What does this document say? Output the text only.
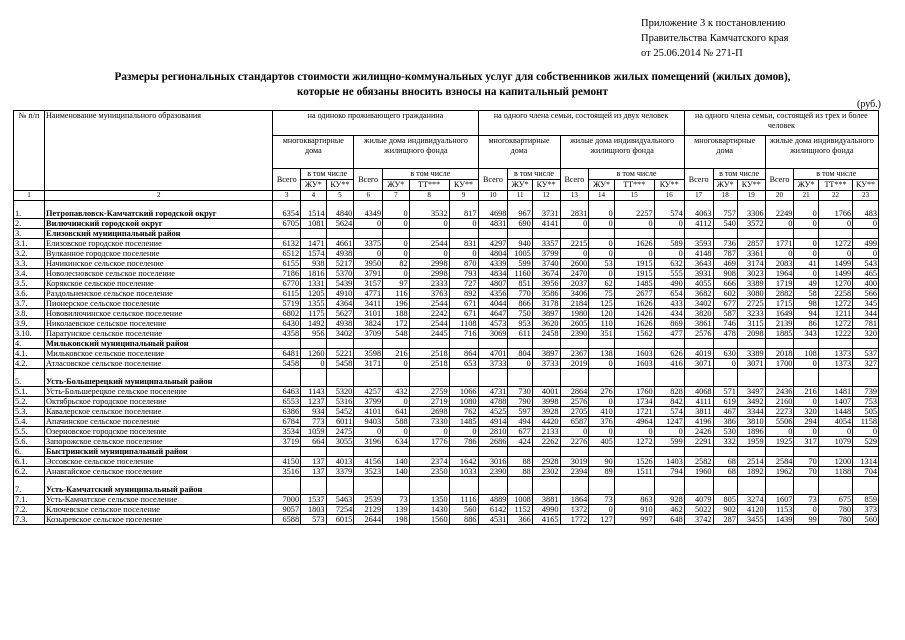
Приложение 3 к постановлению
Правительства Камчатского края
от 25.06.2014 № 271-П
Размеры региональных стандартов стоимости жилищно-коммунальных услуг для собственников жилых помещений (жилых домов),
которые не обязаны вносить взносы на капитальный ремонт
(руб.)
№ п/п	Наименование муниципального образования	на одиноко проживающего гражданина							на одного члена семьи, состоящей из двух человек							на одного члена семьи, состоящей из трех и более человек						
		многоквартирные дома			жилые дома индивидуального жилищного фонда				многоквартирные дома			жилые дома индивидуального жилищного фонда				многоквартирные дома			жилые дома индивидуального жилищного фонда			
		Всего	в том числе		Всего	в том числе			Всего	в том числе		Всего	в том числе			Всего	в том числе		Всего	в том числе		
			ЖУ*	КУ**		ЖУ*	ТТ***	КУ**		ЖУ*	КУ**		ЖУ*	ТТ***	КУ**		ЖУ*	КУ**		ЖУ*	ТТ***	КУ**
1	2	3	4	5	6	7	8	9	10	11	12	13	14	15	16	17	18	19	20	21	22	23
1.	Петропавловск-Камчатский городской округ	6354	1514	4840	4349	0	3532	817	4698	967	3731	2831	0	2257	574	4063	757	3306	2249	0	1766	483
2.	Вилючинский городской округ	6705	1081	5624	0	0	0	0	4831	690	4141	0	0	0	0	4112	540	3572	0	0	0	0
3.	Елизовский муниципальный район																					
3.1.	Елизовское городское поселение	6132	1471	4661	3375	0	2544	831	4297	940	3357	2215	0	1626	589	3593	736	2857	1771	0	1272	499
3.2.	Вулканное городское поселение	6512	1574	4938	0	0	0	0	4804	1005	3799	0	0	0	0	4148	787	3361	0	0	0	0
3.3.	Начикинское сельское поселение	6155	938	5217	3950	82	2998	870	4339	599	3740	2600	53	1915	632	3643	469	3174	2083	41	1499	543
3.4.	Новолесновское сельское поселение	7186	1816	5370	3791	0	2998	793	4834	1160	3674	2470	0	1915	555	3931	908	3023	1964	0	1499	465
3.5.	Корякское сельское поселение	6770	1331	5439	3157	97	2333	727	4807	851	3956	2037	62	1485	490	4055	666	3389	1719	49	1270	400
3.6.	Раздольненское сельское поселение	6115	1205	4910	4771	116	3763	892	4356	770	3586	3406	75	2677	654	3682	602	3080	2882	58	2258	566
3.7.	Пионерское сельское поселение	5719	1355	4364	3411	196	2544	671	4044	866	3178	2184	125	1626	433	3402	677	2725	1715	98	1272	345
3.8.	Нововилючинское сельское поселение	6802	1175	5627	3101	188	2242	671	4647	750	3897	1980	120	1426	434	3820	587	3233	1649	94	1211	344
3.9.	Николаевское сельское поселение	6430	1492	4938	3824	172	2544	1108	4573	953	3620	2605	110	1626	869	3861	746	3115	2139	86	1272	781
3.10.	Паратунское сельское поселение	4358	956	3402	3709	548	2445	716	3069	611	2458	2390	351	1562	477	2576	478	2098	1885	343	1222	320
4.	Мильковский муниципальный район																					
4.1.	Мильковское сельское поселение	6481	1260	5221	3598	216	2518	864	4701	804	3897	2367	138	1603	626	4019	630	3389	2018	108	1373	537
4.2.	Атласовское сельское поселение	5458	0	5458	3171	0	2518	653	3733	0	3733	2019	0	1603	416	3071	0	3071	1700	0	1373	327
5.	Усть-Большерецкий муниципальный район																					
5.1.	Усть-Большерецкое сельское поселение	6463	1143	5320	4257	432	2759	1066	4731	730	4001	2864	276	1760	828	4068	571	3497	2436	216	1481	739
5.2.	Октябрьское городское поселение	6553	1237	5316	3799	0	2719	1080	4788	790	3998	2576	0	1734	842	4111	619	3492	2160	0	1407	753
5.3.	Кавалерское сельское поселение	6386	934	5452	4101	641	2698	762	4525	597	3928	2705	410	1721	574	3811	467	3344	2273	320	1448	505
5.4.	Апачинское сельское поселение	6784	773	6011	9403	588	7330	1485	4914	494	4420	6587	376	4964	1247	4196	386	3810	5506	294	4054	1158
5.5.	Озерновское городское поселение	3534	1059	2475	0	0	0	0	2810	677	2133	0	0	0	0	2426	530	1896	0	0	0	0
5.6.	Запорожское сельское поселение	3719	664	3055	3196	634	1776	786	2686	424	2262	2276	405	1272	599	2291	332	1959	1925	317	1079	529
6.	Быстринский муниципальный район																					
6.1.	Эссовское сельское поселение	4150	137	4013	4156	140	2374	1642	3016	88	2928	3019	90	1526	1403	2582	68	2514	2584	70	1200	1314
6.2.	Анавгайское сельское поселение	3516	137	3379	3523	140	2350	1033	2390	88	2302	2394	89	1511	794	1960	68	1892	1962	70	1188	704
7.	Усть-Камчатский муниципальный район																					
7.1.	Усть-Камчатское сельское поселение	7000	1537	5463	2539	73	1350	1116	4889	1008	3881	1864	73	863	928	4079	805	3274	1607	73	675	859
7.2.	Ключевское сельское поселение	9057	1803	7254	2129	139	1430	560	6142	1152	4990	1372	0	910	462	5022	902	4120	1153	0	780	373
7.3.	Козыревское сельское поселение	6588	573	6015	2644	198	1560	886	4531	366	4165	1772	127	997	648	3742	287	3455	1439	99	780	560
